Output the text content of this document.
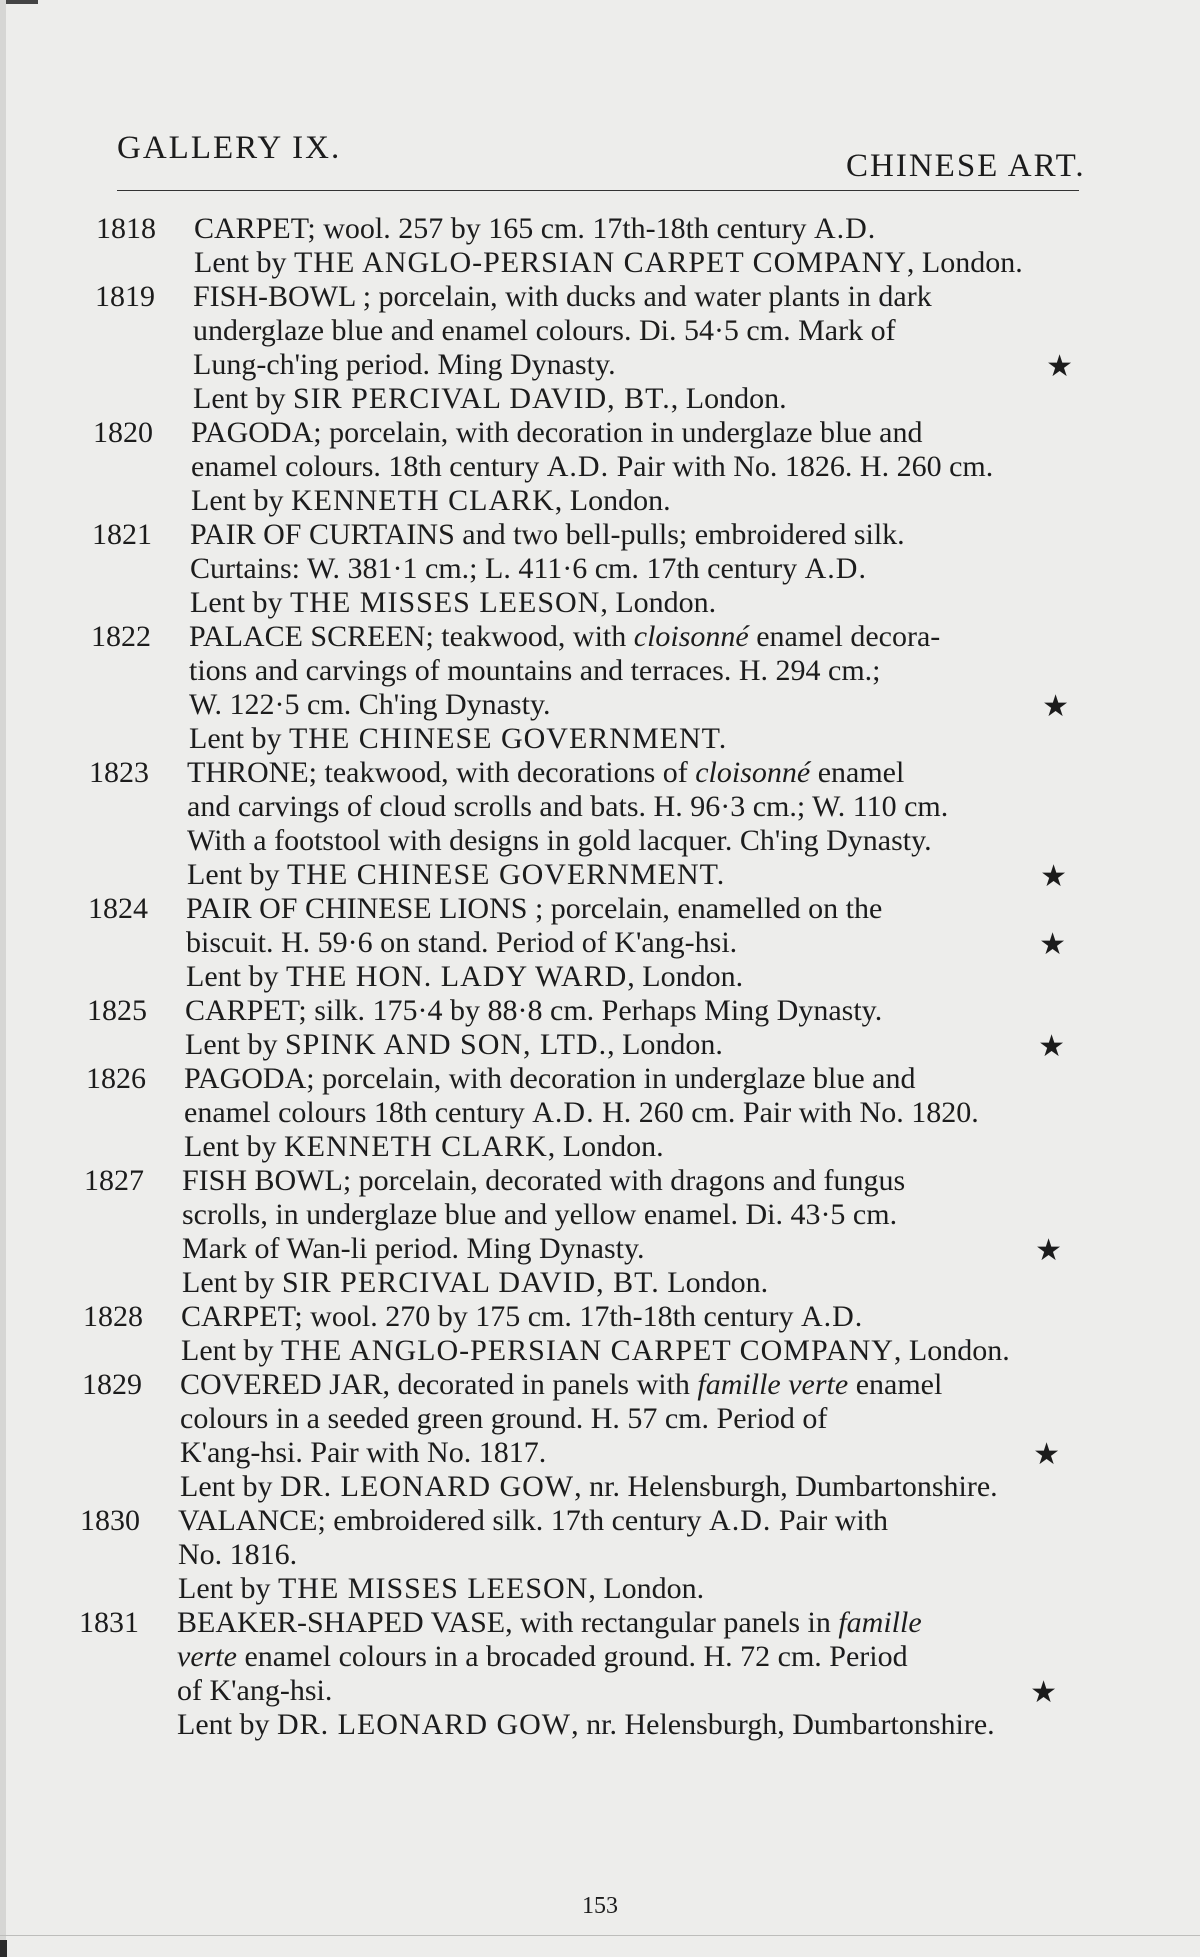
GALLERY IX.	CHINESE ART.
1818 CARPET; wool. 257 by 165 cm. 17th-18th century A.D.
Lent by THE ANGLO-PERSIAN CARPET COMPANY, London.
1819 FISH-BOWL ; porcelain, with ducks and water plants in dark
underglaze blue and enamel colours. Di. 54·5 cm. Mark of
Lung-ch'ing period. Ming Dynasty.	★
Lent by SIR PERCIVAL DAVID, BT., London.
1820 PAGODA; porcelain, with decoration in underglaze blue and
enamel colours. 18th century A.D. Pair with No. 1826. H. 260 cm.
Lent by KENNETH CLARK, London.
1821 PAIR OF CURTAINS and two bell-pulls; embroidered silk.
Curtains: W. 381·1 cm.; L. 411·6 cm. 17th century A.D.
Lent by THE MISSES LEESON, London.
1822 PALACE SCREEN; teakwood, with cloisonné enamel decora-
tions and carvings of mountains and terraces. H. 294 cm.;
W. 122·5 cm. Ch'ing Dynasty.	★
Lent by THE CHINESE GOVERNMENT.
1823 THRONE; teakwood, with decorations of cloisonné enamel
and carvings of cloud scrolls and bats. H. 96·3 cm.; W. 110 cm.
With a footstool with designs in gold lacquer. Ch'ing Dynasty.
Lent by THE CHINESE GOVERNMENT.	★
1824 PAIR OF CHINESE LIONS ; porcelain, enamelled on the
biscuit. H. 59·6 on stand. Period of K'ang-hsi.	★
Lent by THE HON. LADY WARD, London.
1825 CARPET; silk. 175·4 by 88·8 cm. Perhaps Ming Dynasty.
Lent by SPINK AND SON, LTD., London.	★
1826 PAGODA; porcelain, with decoration in underglaze blue and
enamel colours 18th century A.D. H. 260 cm. Pair with No. 1820.
Lent by KENNETH CLARK, London.
1827 FISH BOWL; porcelain, decorated with dragons and fungus
scrolls, in underglaze blue and yellow enamel. Di. 43·5 cm.
Mark of Wan-li period. Ming Dynasty.	★
Lent by SIR PERCIVAL DAVID, BT. London.
1828 CARPET; wool. 270 by 175 cm. 17th-18th century A.D.
Lent by THE ANGLO-PERSIAN CARPET COMPANY, London.
1829 COVERED JAR, decorated in panels with famille verte enamel
colours in a seeded green ground. H. 57 cm. Period of
K'ang-hsi. Pair with No. 1817.	★
Lent by DR. LEONARD GOW, nr. Helensburgh, Dumbartonshire.
1830 VALANCE; embroidered silk. 17th century A.D. Pair with
No. 1816.
Lent by THE MISSES LEESON, London.
1831 BEAKER-SHAPED VASE, with rectangular panels in famille
verte enamel colours in a brocaded ground. H. 72 cm. Period
of K'ang-hsi.	★
Lent by DR. LEONARD GOW, nr. Helensburgh, Dumbartonshire.
153
